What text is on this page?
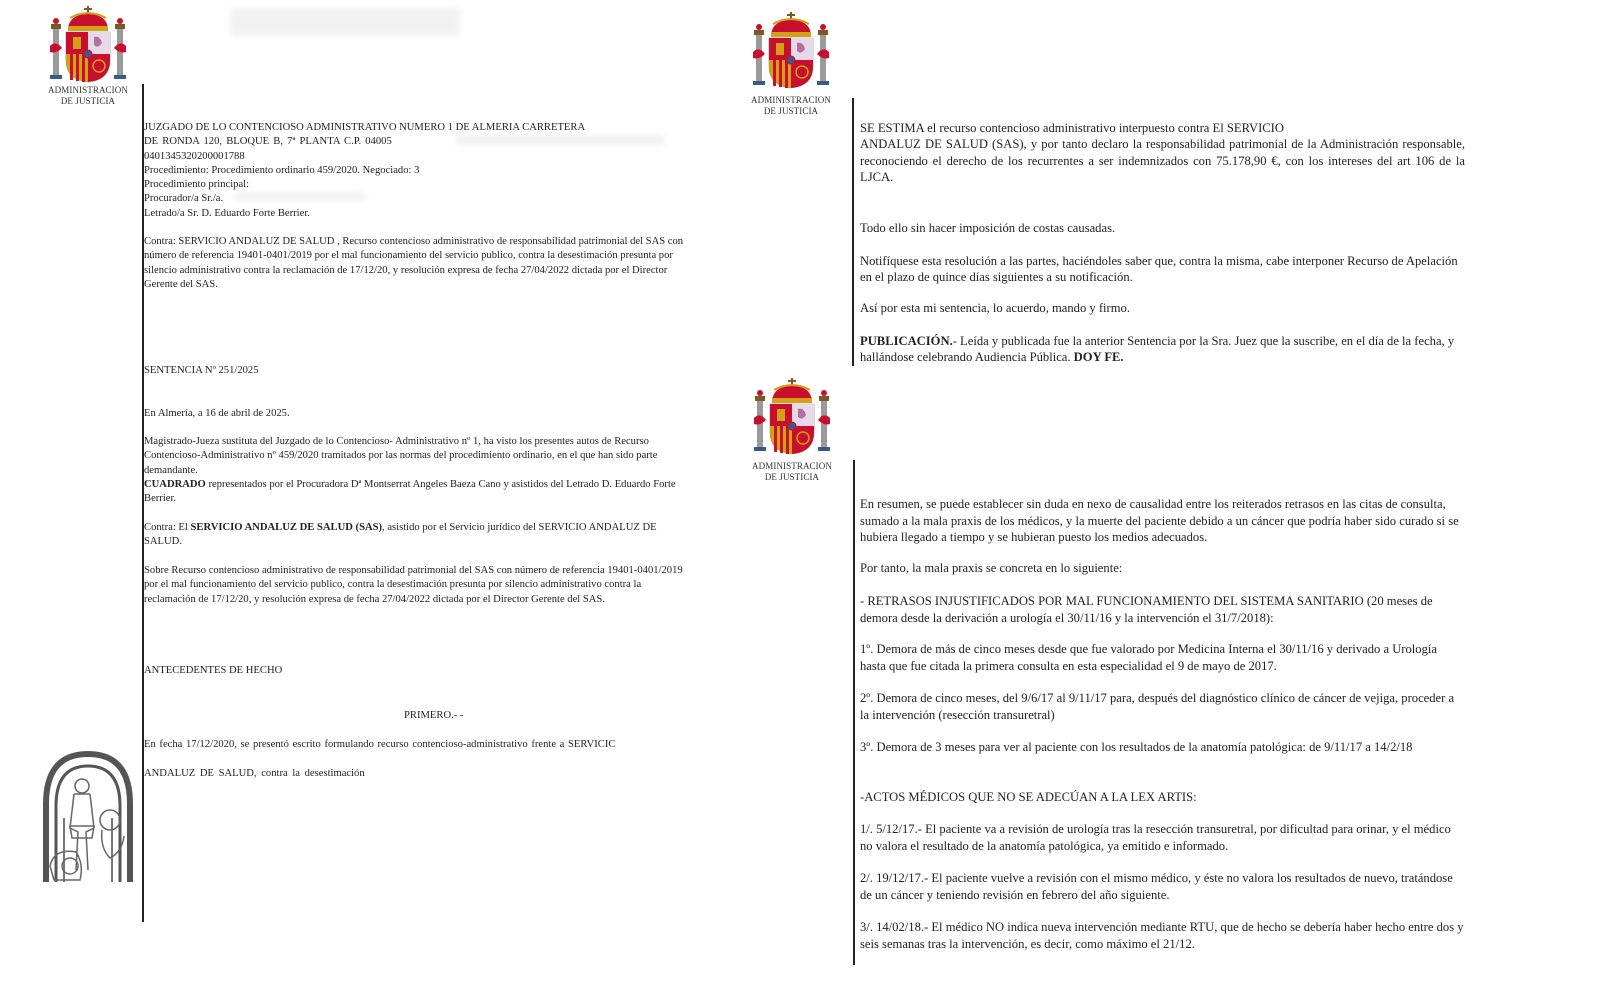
ADMINISTRACION
DE JUSTICIA
JUZGADO DE LO CONTENCIOSO ADMINISTRATIVO NUMERO 1 DE ALMERIA CARRETERA
DE RONDA 120, BLOQUE B, 7ª PLANTA C.P. 04005
0401345320200001788
Procedimiento: Procedimiento ordinario 459/2020. Negociado: 3
Procedimiento principal:
Procurador/a Sr./a.
Letrado/a Sr. D. Eduardo Forte Berrier.
Contra: SERVICIO ANDALUZ DE SALUD , Recurso contencioso administrativo de responsabilidad patrimonial del SAS con número de referencia 19401-0401/2019 por el mal funcionamiento del servicio publico, contra la desestimación presunta por silencio administrativo contra la reclamación de 17/12/20, y resolución expresa de fecha 27/04/2022 dictada por el Director Gerente del SAS.
SENTENCIA Nº 251/2025
En Almería, a 16 de abril de 2025.
Magistrado-Jueza sustituta del Juzgado de lo Contencioso- Administrativo nº 1, ha visto los presentes autos de Recurso Contencioso-Administrativo nº 459/2020 tramitados por las normas del procedimiento ordinario, en el que han sido parte demandante.
CUADRADO representados por el Procuradora Dª Montserrat Angeles Baeza Cano y asistidos del Letrado D. Eduardo Forte Berrier.
Contra: El SERVICIO ANDALUZ DE SALUD (SAS), asistido por el Servicio jurídico del SERVICIO ANDALUZ DE SALUD.
Sobre Recurso contencioso administrativo de responsabilidad patrimonial del SAS con número de referencia 19401-0401/2019 por el mal funcionamiento del servicio publico, contra la desestimación presunta por silencio administrativo contra la reclamación de 17/12/20, y resolución expresa de fecha 27/04/2022 dictada por el Director Gerente del SAS.
ANTECEDENTES DE HECHO
PRIMERO.- -
En fecha 17/12/2020, se presentó escrito formulando recurso contencioso-administrativo frente a SERVICIC
ANDALUZ DE SALUD, contra la desestimación
ADMINISTRACION
DE JUSTICIA
SE ESTIMA el recurso contencioso administrativo interpuesto contra El SERVICIO
ANDALUZ DE SALUD (SAS), y por tanto declaro la responsabilidad patrimonial de la Administración responsable, reconociendo el derecho de los recurrentes a ser indemnizados con 75.178,90 €, con los intereses del art 106 de la LJCA.
Todo ello sin hacer imposición de costas causadas.
Notifíquese esta resolución a las partes, haciéndoles saber que, contra la misma, cabe interponer Recurso de Apelación en el plazo de quince días siguientes a su notificación.
Así por esta mi sentencia, lo acuerdo, mando y firmo.
PUBLICACIÓN.- Leída y publicada fue la anterior Sentencia por la Sra. Juez que la suscribe, en el día de la fecha, y hallándose celebrando Audiencia Pública. DOY FE.
ADMINISTRACION
DE JUSTICIA
En resumen, se puede establecer sin duda en nexo de causalidad entre los reiterados retrasos en las citas de consulta, sumado a la mala praxis de los médicos, y la muerte del paciente debido a un cáncer que podría haber sido curado si se hubiera llegado a tiempo y se hubieran puesto los medios adecuados.
Por tanto, la mala praxis se concreta en lo siguiente:
- RETRASOS INJUSTIFICADOS POR MAL FUNCIONAMIENTO DEL SISTEMA SANITARIO (20 meses de demora desde la derivación a urología el 30/11/16 y la intervención el 31/7/2018):
1º. Demora de más de cinco meses desde que fue valorado por Medicina Interna el 30/11/16 y derivado a Urología hasta que fue citada la primera consulta en esta especialidad el 9 de mayo de 2017.
2º. Demora de cinco meses, del 9/6/17 al 9/11/17 para, después del diagnóstico clínico de cáncer de vejiga, proceder a la intervención (resección transuretral)
3º. Demora de 3 meses para ver al paciente con los resultados de la anatomía patológica: de 9/11/17 a 14/2/18
-ACTOS MÉDICOS QUE NO SE ADECÚAN A LA LEX ARTIS:
1/. 5/12/17.- El paciente va a revisión de urología tras la resección transuretral, por dificultad para orinar, y el médico no valora el resultado de la anatomía patológica, ya emitido e informado.
2/. 19/12/17.- El paciente vuelve a revisión con el mismo médico, y éste no valora los resultados de nuevo, tratándose de un cáncer y teniendo revisión en febrero del año siguiente.
3/. 14/02/18.- El médico NO indica nueva intervención mediante RTU, que de hecho se debería haber hecho entre dos y seis semanas tras la intervención, es decir, como máximo el 21/12.
